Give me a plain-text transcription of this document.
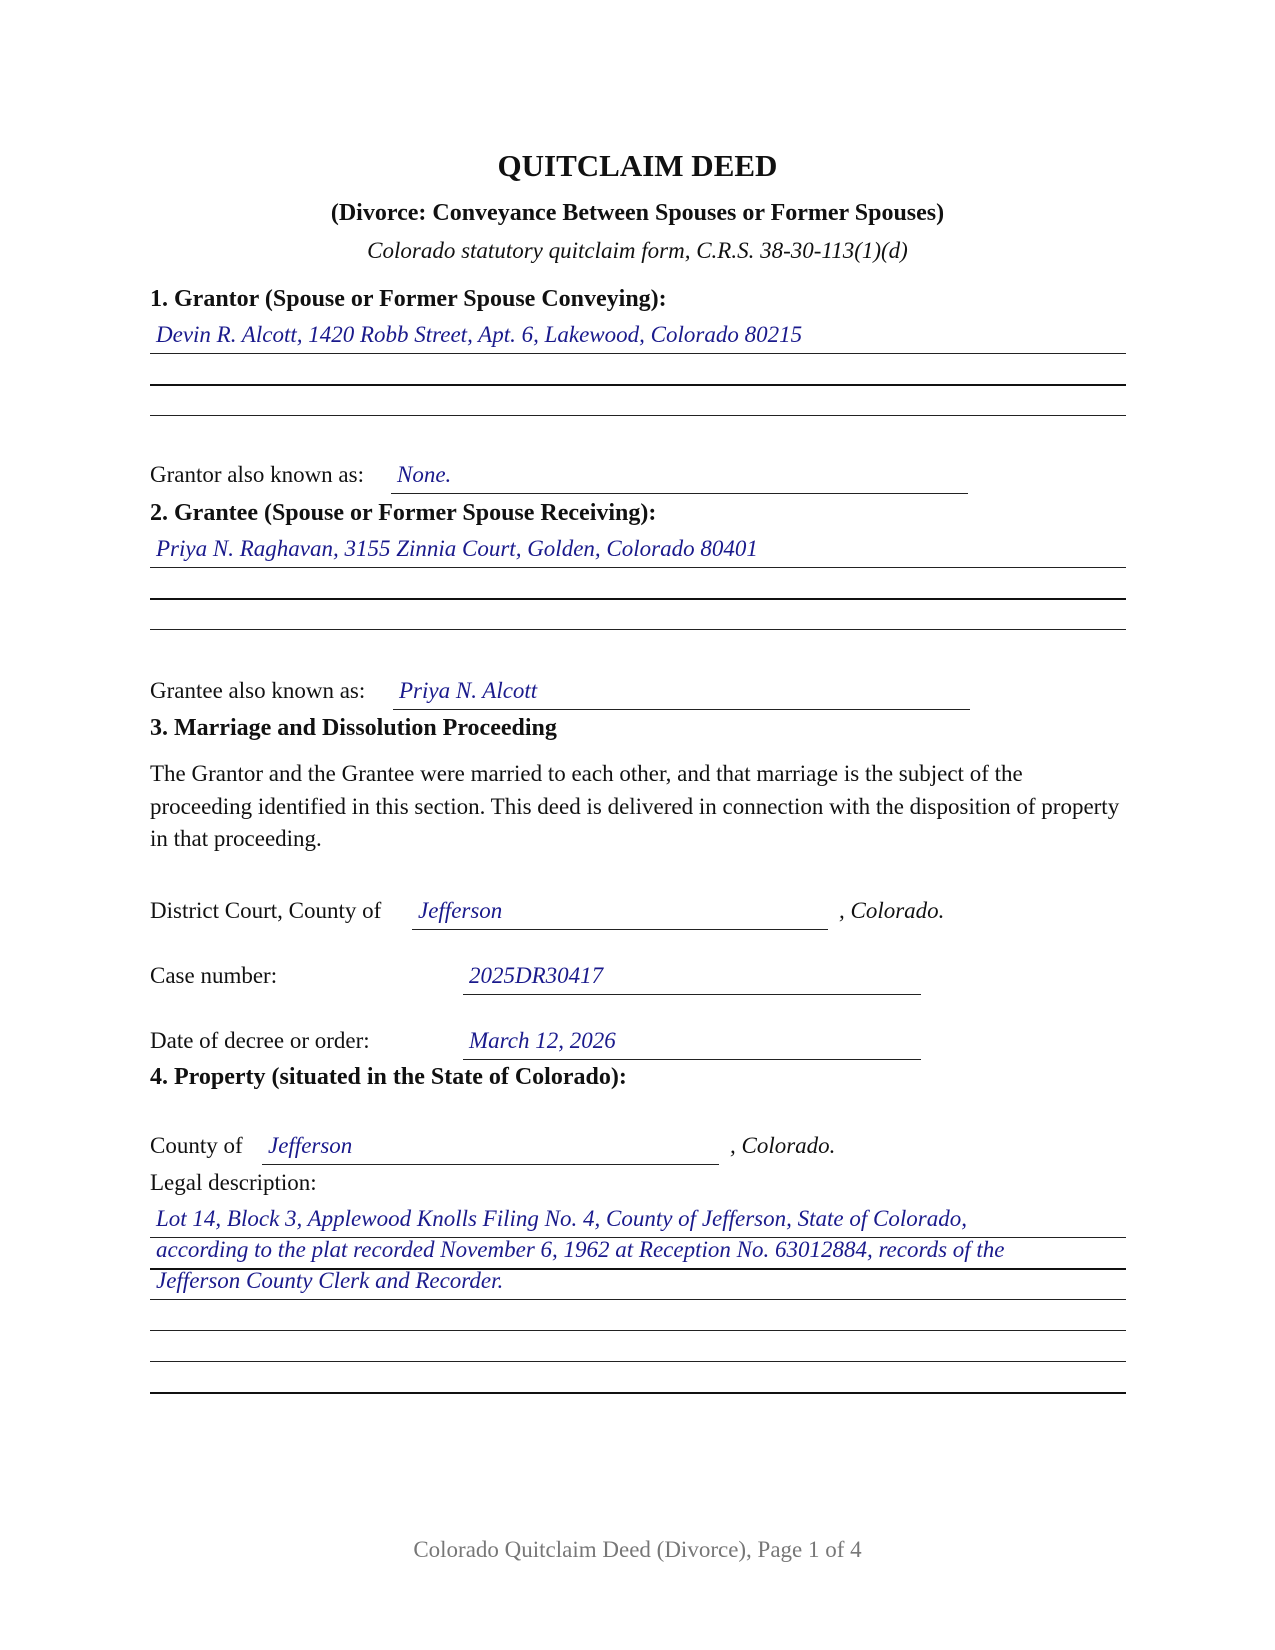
QUITCLAIM DEED
(Divorce: Conveyance Between Spouses or Former Spouses)
Colorado statutory quitclaim form, C.R.S. 38-30-113(1)(d)
1. Grantor (Spouse or Former Spouse Conveying):
Devin R. Alcott, 1420 Robb Street, Apt. 6, Lakewood, Colorado 80215
Grantor also known as: None.
2. Grantee (Spouse or Former Spouse Receiving):
Priya N. Raghavan, 3155 Zinnia Court, Golden, Colorado 80401
Grantee also known as: Priya N. Alcott
3. Marriage and Dissolution Proceeding
The Grantor and the Grantee were married to each other, and that marriage is the subject of the proceeding identified in this section. This deed is delivered in connection with the disposition of property in that proceeding.
District Court, County of Jefferson	, Colorado.
Case number:	2025DR30417
Date of decree or order:	March 12, 2026
4. Property (situated in the State of Colorado):
County of Jefferson	, Colorado.
Legal description:
Lot 14, Block 3, Applewood Knolls Filing No. 4, County of Jefferson, State of Colorado,
according to the plat recorded November 6, 1962 at Reception No. 63012884, records of the
Jefferson County Clerk and Recorder.
Colorado Quitclaim Deed (Divorce), Page 1 of 4
